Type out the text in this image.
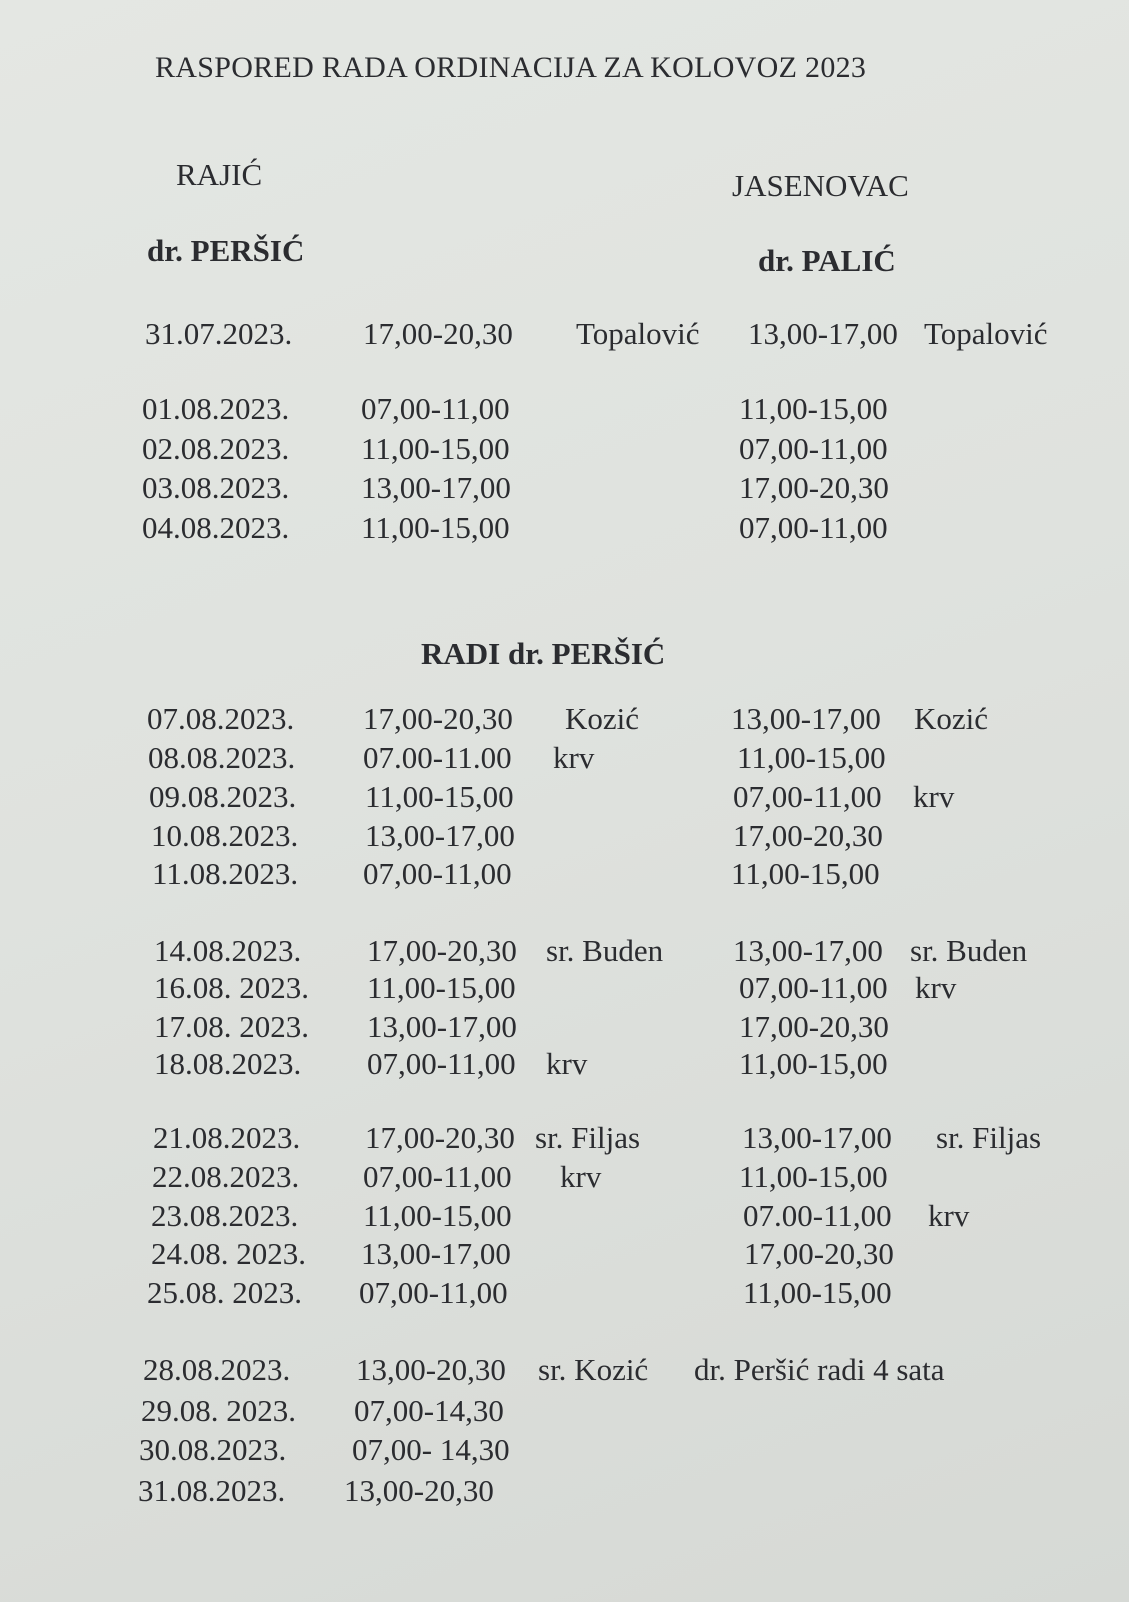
RASPORED RADA ORDINACIJA ZA KOLOVOZ 2023
RAJIĆ	JASENOVAC
dr. PERŠIĆ	dr. PALIĆ
RADI dr. PERŠIĆ
31.07.2023. 17,00-20,30 Topalović 13,00-17,00 Topalović
01.08.2023. 07,00-11,00	11,00-15,00
02.08.2023. 11,00-15,00	07,00-11,00
03.08.2023. 13,00-17,00	17,00-20,30
04.08.2023. 11,00-15,00	07,00-11,00
07.08.2023. 17,00-20,30 Kozić	13,00-17,00 Kozić
08.08.2023. 07.00-11.00 krv	11,00-15,00
09.08.2023. 11,00-15,00	07,00-11,00 krv
10.08.2023. 13,00-17,00	17,00-20,30
11.08.2023. 07,00-11,00	11,00-15,00
14.08.2023. 17,00-20,30 sr. Buden 13,00-17,00 sr. Buden
16.08. 2023. 11,00-15,00	07,00-11,00 krv
17.08. 2023. 13,00-17,00	17,00-20,30
18.08.2023. 07,00-11,00 krv	11,00-15,00
21.08.2023. 17,00-20,30 sr. Filjas	13,00-17,00 sr. Filjas
22.08.2023. 07,00-11,00 krv	11,00-15,00
23.08.2023. 11,00-15,00	07.00-11,00 krv
24.08. 2023. 13,00-17,00	17,00-20,30
25.08. 2023. 07,00-11,00	11,00-15,00
28.08.2023. 13,00-20,30 sr. Kozić dr. Peršić radi 4 sata
29.08. 2023. 07,00-14,30
30.08.2023. 07,00- 14,30
31.08.2023. 13,00-20,30
